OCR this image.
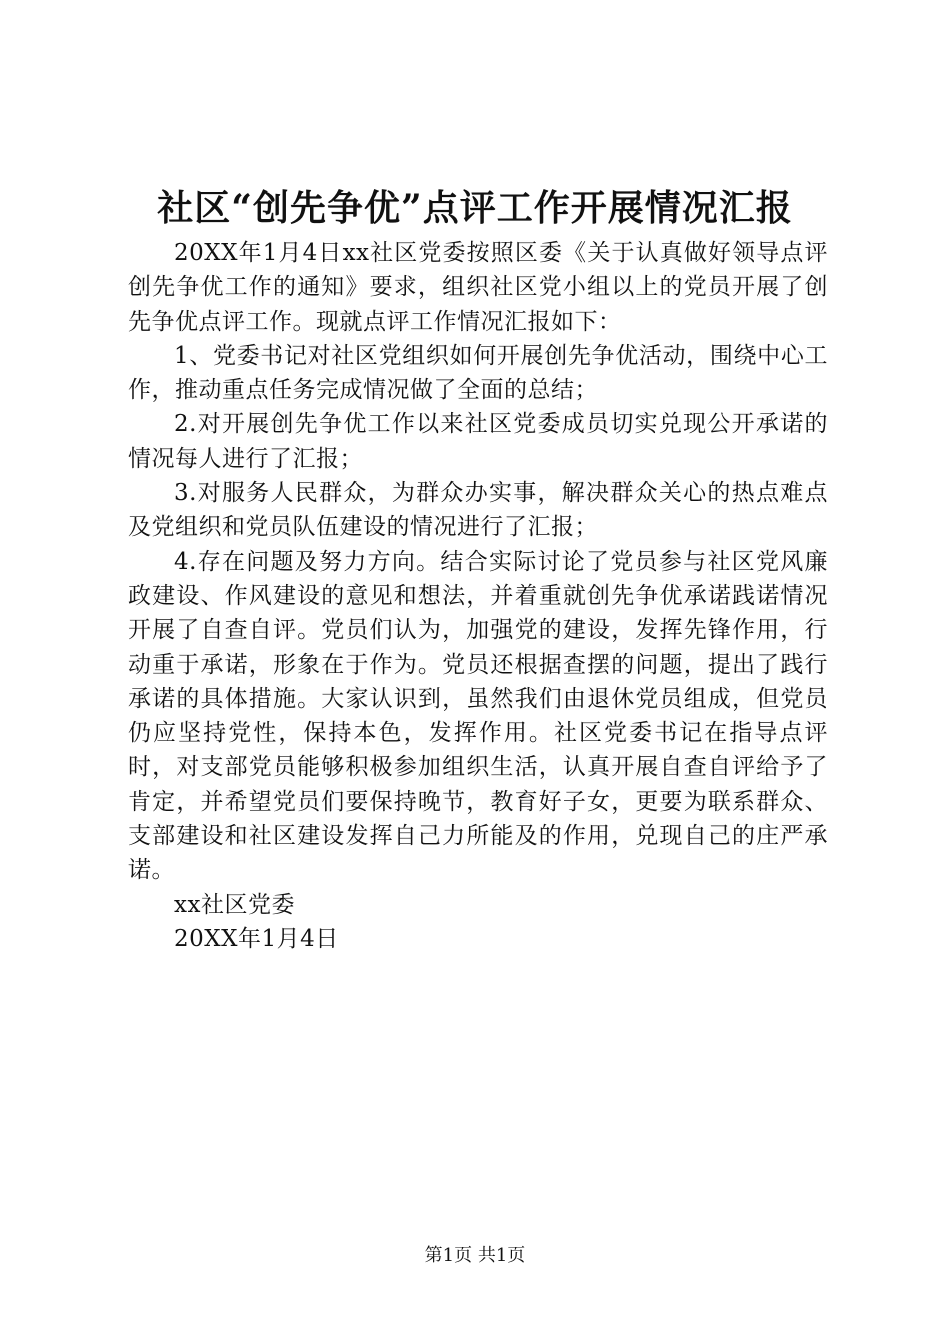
社区“创先争优”点评工作开展情况汇报

20XX年1月4日xx社区党委按照区委《关于认真做好领导点评创先争优工作的通知》要求，组织社区党小组以上的党员开展了创先争优点评工作。现就点评工作情况汇报如下：

1、党委书记对社区党组织如何开展创先争优活动，围绕中心工作，推动重点任务完成情况做了全面的总结；

2.对开展创先争优工作以来社区党委成员切实兑现公开承诺的情况每人进行了汇报；

3.对服务人民群众，为群众办实事，解决群众关心的热点难点及党组织和党员队伍建设的情况进行了汇报；

4.存在问题及努力方向。结合实际讨论了党员参与社区党风廉政建设、作风建设的意见和想法，并着重就创先争优承诺践诺情况开展了自查自评。党员们认为，加强党的建设，发挥先锋作用，行动重于承诺，形象在于作为。党员还根据查摆的问题，提出了践行承诺的具体措施。大家认识到，虽然我们由退休党员组成，但党员仍应坚持党性，保持本色，发挥作用。社区党委书记在指导点评时，对支部党员能够积极参加组织生活，认真开展自查自评给予了肯定，并希望党员们要保持晚节，教育好子女，更要为联系群众、支部建设和社区建设发挥自己力所能及的作用，兑现自己的庄严承诺。

xx社区党委

20XX年1月4日

第1页 共1页
